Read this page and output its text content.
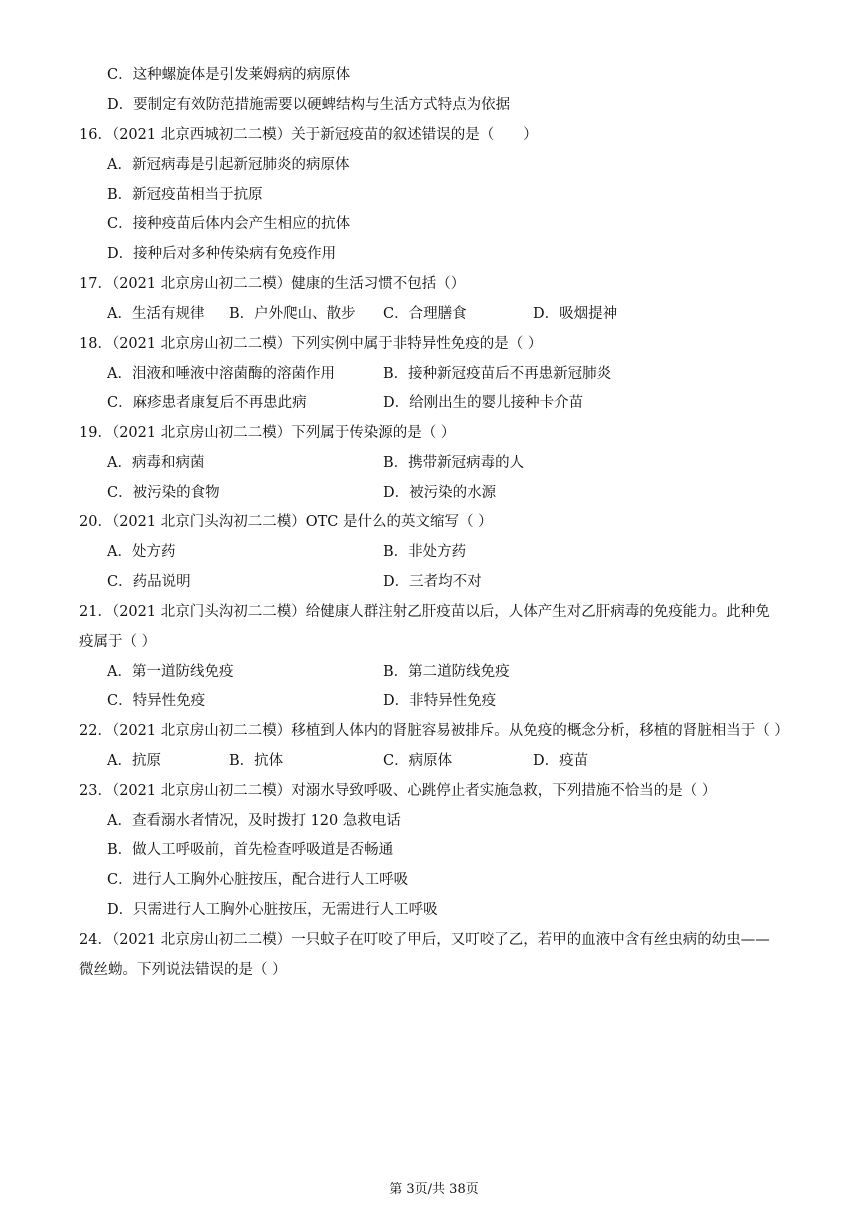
C．这种螺旋体是引发莱姆病的病原体
D．要制定有效防范措施需要以硬蜱结构与生活方式特点为依据
16．（2021 北京西城初二二模）关于新冠疫苗的叙述错误的是（　　）
A．新冠病毒是引起新冠肺炎的病原体
B．新冠疫苗相当于抗原
C．接种疫苗后体内会产生相应的抗体
D．接种后对多种传染病有免疫作用
17．（2021 北京房山初二二模）健康的生活习惯不包括（）
A．生活有规律 B．户外爬山、散步 C．合理膳食	D．吸烟提神
18．（2021 北京房山初二二模）下列实例中属于非特异性免疫的是（ ）
A．泪液和唾液中溶菌酶的溶菌作用	B．接种新冠疫苗后不再患新冠肺炎
C．麻疹患者康复后不再患此病	D．给刚出生的婴儿接种卡介苗
19．（2021 北京房山初二二模）下列属于传染源的是（ ）
A．病毒和病菌	B．携带新冠病毒的人
C．被污染的食物	D．被污染的水源
20．（2021 北京门头沟初二二模）OTC 是什么的英文缩写（ ）
A．处方药	B．非处方药
C．药品说明	D．三者均不对
21．（2021 北京门头沟初二二模）给健康人群注射乙肝疫苗以后，人体产生对乙肝病毒的免疫能力。此种免
疫属于（ ）
A．第一道防线免疫	B．第二道防线免疫
C．特异性免疫	D．非特异性免疫
22．（2021 北京房山初二二模）移植到人体内的肾脏容易被排斥。从免疫的概念分析，移植的肾脏相当于（ ）
A．抗原	B．抗体	C．病原体	D．疫苗
23．（2021 北京房山初二二模）对溺水导致呼吸、心跳停止者实施急救，下列措施不恰当的是（ ）
A．查看溺水者情况，及时拨打 120 急救电话
B．做人工呼吸前，首先检查呼吸道是否畅通
C．进行人工胸外心脏按压，配合进行人工呼吸
D．只需进行人工胸外心脏按压，无需进行人工呼吸
24．（2021 北京房山初二二模）一只蚊子在叮咬了甲后，又叮咬了乙，若甲的血液中含有丝虫病的幼虫——
微丝蚴。下列说法错误的是（ ）
第 3页/共 38页
